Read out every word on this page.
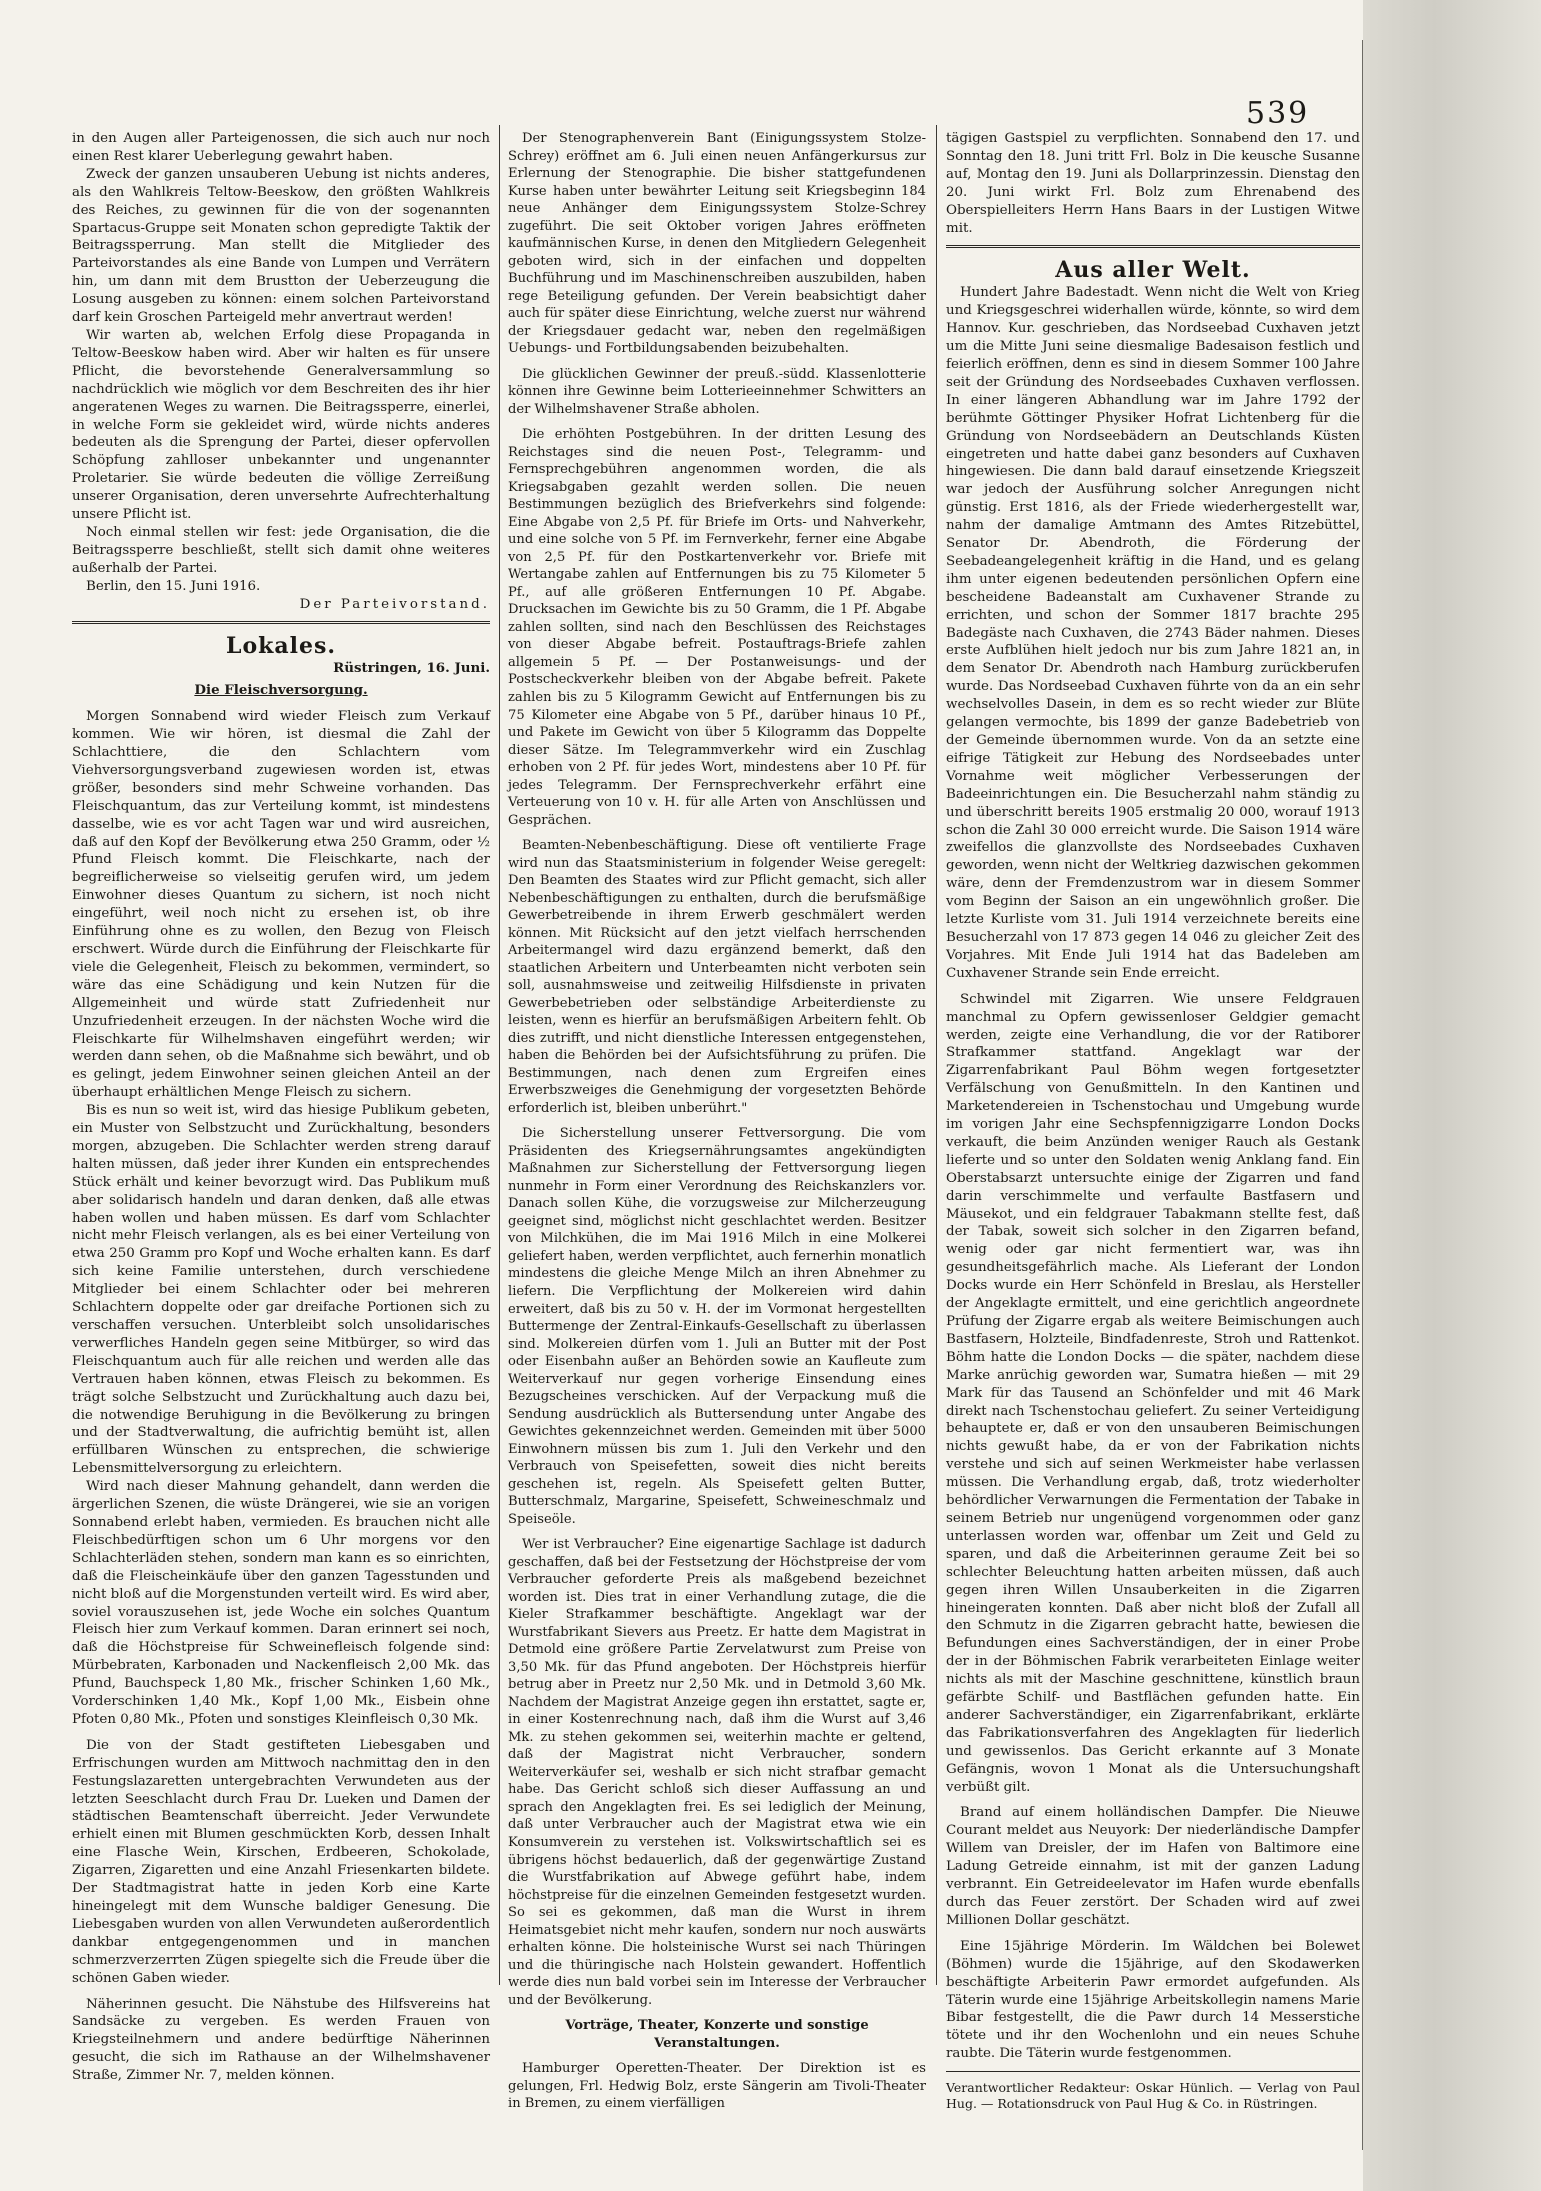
539

in den Augen aller Parteigenossen, die sich auch nur noch einen Rest klarer Ueberlegung gewahrt haben.

Zweck der ganzen unsauberen Uebung ist nichts anderes, als den Wahlkreis Teltow-Beeskow, den größten Wahlkreis des Reiches, zu gewinnen für die von der sogenannten Spartacus-Gruppe seit Monaten schon gepredigte Taktik der Beitragssperrung. Man stellt die Mitglieder des Parteivorstandes als eine Bande von Lumpen und Verrätern hin, um dann mit dem Brustton der Ueberzeugung die Losung ausgeben zu können: einem solchen Parteivorstand darf kein Groschen Parteigeld mehr anvertraut werden!

Wir warten ab, welchen Erfolg diese Propaganda in Teltow-Beeskow haben wird. Aber wir halten es für unsere Pflicht, die bevorstehende Generalversammlung so nachdrücklich wie möglich vor dem Beschreiten des ihr hier angeratenen Weges zu warnen. Die Beitragssperre, einerlei, in welche Form sie gekleidet wird, würde nichts anderes bedeuten als die Sprengung der Partei, dieser opfervollen Schöpfung zahlloser unbekannter und ungenannter Proletarier. Sie würde bedeuten die völlige Zerreißung unserer Organisation, deren unversehrte Aufrechterhaltung unsere Pflicht ist.

Noch einmal stellen wir fest: jede Organisation, die die Beitragssperre beschließt, stellt sich damit ohne weiteres außerhalb der Partei.

Berlin, den 15. Juni 1916.

Der Parteivorstand.

Lokales.

Rüstringen, 16. Juni.

Die Fleischversorgung.

Morgen Sonnabend wird wieder Fleisch zum Verkauf kommen. Wie wir hören, ist diesmal die Zahl der Schlachttiere, die den Schlachtern vom Viehversorgungsverband zugewiesen worden ist, etwas größer, besonders sind mehr Schweine vorhanden. Das Fleischquantum, das zur Verteilung kommt, ist mindestens dasselbe, wie es vor acht Tagen war und wird ausreichen, daß auf den Kopf der Bevölkerung etwa 250 Gramm, oder ½ Pfund Fleisch kommt. Die Fleischkarte, nach der begreiflicherweise so vielseitig gerufen wird, um jedem Einwohner dieses Quantum zu sichern, ist noch nicht eingeführt, weil noch nicht zu ersehen ist, ob ihre Einführung ohne es zu wollen, den Bezug von Fleisch erschwert. Würde durch die Einführung der Fleischkarte für viele die Gelegenheit, Fleisch zu bekommen, vermindert, so wäre das eine Schädigung und kein Nutzen für die Allgemeinheit und würde statt Zufriedenheit nur Unzufriedenheit erzeugen. In der nächsten Woche wird die Fleischkarte für Wilhelmshaven eingeführt werden; wir werden dann sehen, ob die Maßnahme sich bewährt, und ob es gelingt, jedem Einwohner seinen gleichen Anteil an der überhaupt erhältlichen Menge Fleisch zu sichern.

Bis es nun so weit ist, wird das hiesige Publikum gebeten, ein Muster von Selbstzucht und Zurückhaltung, besonders morgen, abzugeben. Die Schlachter werden streng darauf halten müssen, daß jeder ihrer Kunden ein entsprechendes Stück erhält und keiner bevorzugt wird. Das Publikum muß aber solidarisch handeln und daran denken, daß alle etwas haben wollen und haben müssen. Es darf vom Schlachter nicht mehr Fleisch verlangen, als es bei einer Verteilung von etwa 250 Gramm pro Kopf und Woche erhalten kann. Es darf sich keine Familie unterstehen, durch verschiedene Mitglieder bei einem Schlachter oder bei mehreren Schlachtern doppelte oder gar dreifache Portionen sich zu verschaffen versuchen. Unterbleibt solch unsolidarisches verwerfliches Handeln gegen seine Mitbürger, so wird das Fleischquantum auch für alle reichen und werden alle das Vertrauen haben können, etwas Fleisch zu bekommen. Es trägt solche Selbstzucht und Zurückhaltung auch dazu bei, die notwendige Beruhigung in die Bevölkerung zu bringen und der Stadtverwaltung, die aufrichtig bemüht ist, allen erfüllbaren Wünschen zu entsprechen, die schwierige Lebensmittelversorgung zu erleichtern.

Wird nach dieser Mahnung gehandelt, dann werden die ärgerlichen Szenen, die wüste Drängerei, wie sie an vorigen Sonnabend erlebt haben, vermieden. Es brauchen nicht alle Fleischbedürftigen schon um 6 Uhr morgens vor den Schlachterläden stehen, sondern man kann es so einrichten, daß die Fleischeinkäufe über den ganzen Tagesstunden und nicht bloß auf die Morgenstunden verteilt wird. Es wird aber, soviel vorauszusehen ist, jede Woche ein solches Quantum Fleisch hier zum Verkauf kommen. Daran erinnert sei noch, daß die Höchstpreise für Schweinefleisch folgende sind: Mürbebraten, Karbonaden und Nackenfleisch 2,00 Mk. das Pfund, Bauchspeck 1,80 Mk., frischer Schinken 1,60 Mk., Vorderschinken 1,40 Mk., Kopf 1,00 Mk., Eisbein ohne Pfoten 0,80 Mk., Pfoten und sonstiges Kleinfleisch 0,30 Mk.

Die von der Stadt gestifteten Liebesgaben und Erfrischungen wurden am Mittwoch nachmittag den in den Festungslazaretten untergebrachten Verwundeten aus der letzten Seeschlacht durch Frau Dr. Lueken und Damen der städtischen Beamtenschaft überreicht. Jeder Verwundete erhielt einen mit Blumen geschmückten Korb, dessen Inhalt eine Flasche Wein, Kirschen, Erdbeeren, Schokolade, Zigarren, Zigaretten und eine Anzahl Friesenkarten bildete. Der Stadtmagistrat hatte in jeden Korb eine Karte hineingelegt mit dem Wunsche baldiger Genesung. Die Liebesgaben wurden von allen Verwundeten außerordentlich dankbar entgegengenommen und in manchen schmerzverzerrten Zügen spiegelte sich die Freude über die schönen Gaben wieder.

Näherinnen gesucht. Die Nähstube des Hilfsvereins hat Sandsäcke zu vergeben. Es werden Frauen von Kriegsteilnehmern und andere bedürftige Näherinnen gesucht, die sich im Rathause an der Wilhelmshavener Straße, Zimmer Nr. 7, melden können.

Der Stenographenverein Bant (Einigungssystem Stolze-Schrey) eröffnet am 6. Juli einen neuen Anfängerkursus zur Erlernung der Stenographie. Die bisher stattgefundenen Kurse haben unter bewährter Leitung seit Kriegsbeginn 184 neue Anhänger dem Einigungssystem Stolze-Schrey zugeführt. Die seit Oktober vorigen Jahres eröffneten kaufmännischen Kurse, in denen den Mitgliedern Gelegenheit geboten wird, sich in der einfachen und doppelten Buchführung und im Maschinenschreiben auszubilden, haben rege Beteiligung gefunden. Der Verein beabsichtigt daher auch für später diese Einrichtung, welche zuerst nur während der Kriegsdauer gedacht war, neben den regelmäßigen Uebungs- und Fortbildungsabenden beizubehalten.

Die glücklichen Gewinner der preuß.-südd. Klassenlotterie können ihre Gewinne beim Lotterieeinnehmer Schwitters an der Wilhelmshavener Straße abholen.

Die erhöhten Postgebühren. In der dritten Lesung des Reichstages sind die neuen Post-, Telegramm- und Fernsprechgebühren angenommen worden, die als Kriegsabgaben gezahlt werden sollen. Die neuen Bestimmungen bezüglich des Briefverkehrs sind folgende: Eine Abgabe von 2,5 Pf. für Briefe im Orts- und Nahverkehr, und eine solche von 5 Pf. im Fernverkehr, ferner eine Abgabe von 2,5 Pf. für den Postkartenverkehr vor. Briefe mit Wertangabe zahlen auf Entfernungen bis zu 75 Kilometer 5 Pf., auf alle größeren Entfernungen 10 Pf. Abgabe. Drucksachen im Gewichte bis zu 50 Gramm, die 1 Pf. Abgabe zahlen sollten, sind nach den Beschlüssen des Reichstages von dieser Abgabe befreit. Postauftrags-Briefe zahlen allgemein 5 Pf. — Der Postanweisungs- und der Postscheckverkehr bleiben von der Abgabe befreit. Pakete zahlen bis zu 5 Kilogramm Gewicht auf Entfernungen bis zu 75 Kilometer eine Abgabe von 5 Pf., darüber hinaus 10 Pf., und Pakete im Gewicht von über 5 Kilogramm das Doppelte dieser Sätze. Im Telegrammverkehr wird ein Zuschlag erhoben von 2 Pf. für jedes Wort, mindestens aber 10 Pf. für jedes Telegramm. Der Fernsprechverkehr erfährt eine Verteuerung von 10 v. H. für alle Arten von Anschlüssen und Gesprächen.

Beamten-Nebenbeschäftigung. Diese oft ventilierte Frage wird nun das Staatsministerium in folgender Weise geregelt: Den Beamten des Staates wird zur Pflicht gemacht, sich aller Nebenbeschäftigungen zu enthalten, durch die berufsmäßige Gewerbetreibende in ihrem Erwerb geschmälert werden können. Mit Rücksicht auf den jetzt vielfach herrschenden Arbeitermangel wird dazu ergänzend bemerkt, daß den staatlichen Arbeitern und Unterbeamten nicht verboten sein soll, ausnahmsweise und zeitweilig Hilfsdienste in privaten Gewerbebetrieben oder selbständige Arbeiterdienste zu leisten, wenn es hierfür an berufsmäßigen Arbeitern fehlt. Ob dies zutrifft, und nicht dienstliche Interessen entgegenstehen, haben die Behörden bei der Aufsichtsführung zu prüfen. Die Bestimmungen, nach denen zum Ergreifen eines Erwerbszweiges die Genehmigung der vorgesetzten Behörde erforderlich ist, bleiben unberührt."

Die Sicherstellung unserer Fettversorgung. Die vom Präsidenten des Kriegsernährungsamtes angekündigten Maßnahmen zur Sicherstellung der Fettversorgung liegen nunmehr in Form einer Verordnung des Reichskanzlers vor. Danach sollen Kühe, die vorzugsweise zur Milcherzeugung geeignet sind, möglichst nicht geschlachtet werden. Besitzer von Milchkühen, die im Mai 1916 Milch in eine Molkerei geliefert haben, werden verpflichtet, auch fernerhin monatlich mindestens die gleiche Menge Milch an ihren Abnehmer zu liefern. Die Verpflichtung der Molkereien wird dahin erweitert, daß bis zu 50 v. H. der im Vormonat hergestellten Buttermenge der Zentral-Einkaufs-Gesellschaft zu überlassen sind. Molkereien dürfen vom 1. Juli an Butter mit der Post oder Eisenbahn außer an Behörden sowie an Kaufleute zum Weiterverkauf nur gegen vorherige Einsendung eines Bezugscheines verschicken. Auf der Verpackung muß die Sendung ausdrücklich als Buttersendung unter Angabe des Gewichtes gekennzeichnet werden. Gemeinden mit über 5000 Einwohnern müssen bis zum 1. Juli den Verkehr und den Verbrauch von Speisefetten, soweit dies nicht bereits geschehen ist, regeln. Als Speisefett gelten Butter, Butterschmalz, Margarine, Speisefett, Schweineschmalz und Speiseöle.

Wer ist Verbraucher? Eine eigenartige Sachlage ist dadurch geschaffen, daß bei der Festsetzung der Höchstpreise der vom Verbraucher geforderte Preis als maßgebend bezeichnet worden ist. Dies trat in einer Verhandlung zutage, die die Kieler Strafkammer beschäftigte. Angeklagt war der Wurstfabrikant Sievers aus Preetz. Er hatte dem Magistrat in Detmold eine größere Partie Zervelatwurst zum Preise von 3,50 Mk. für das Pfund angeboten. Der Höchstpreis hierfür betrug aber in Preetz nur 2,50 Mk. und in Detmold 3,60 Mk. Nachdem der Magistrat Anzeige gegen ihn erstattet, sagte er, in einer Kostenrechnung nach, daß ihm die Wurst auf 3,46 Mk. zu stehen gekommen sei, weiterhin machte er geltend, daß der Magistrat nicht Verbraucher, sondern Weiterverkäufer sei, weshalb er sich nicht strafbar gemacht habe. Das Gericht schloß sich dieser Auffassung an und sprach den Angeklagten frei. Es sei lediglich der Meinung, daß unter Verbraucher auch der Magistrat etwa wie ein Konsumverein zu verstehen ist. Volkswirtschaftlich sei es übrigens höchst bedauerlich, daß der gegenwärtige Zustand die Wurstfabrikation auf Abwege geführt habe, indem höchstpreise für die einzelnen Gemeinden festgesetzt wurden. So sei es gekommen, daß man die Wurst in ihrem Heimatsgebiet nicht mehr kaufen, sondern nur noch auswärts erhalten könne. Die holsteinische Wurst sei nach Thüringen und die thüringische nach Holstein gewandert. Hoffentlich werde dies nun bald vorbei sein im Interesse der Verbraucher und der Bevölkerung.

Vorträge, Theater, Konzerte und sonstige Veranstaltungen.

Hamburger Operetten-Theater. Der Direktion ist es gelungen, Frl. Hedwig Bolz, erste Sängerin am Tivoli-Theater in Bremen, zu einem vierfälligen

tägigen Gastspiel zu verpflichten. Sonnabend den 17. und Sonntag den 18. Juni tritt Frl. Bolz in Die keusche Susanne auf, Montag den 19. Juni als Dollarprinzessin. Dienstag den 20. Juni wirkt Frl. Bolz zum Ehrenabend des Oberspielleiters Herrn Hans Baars in der Lustigen Witwe mit.

Aus aller Welt.

Hundert Jahre Badestadt. Wenn nicht die Welt von Krieg und Kriegsgeschrei widerhallen würde, könnte, so wird dem Hannov. Kur. geschrieben, das Nordseebad Cuxhaven jetzt um die Mitte Juni seine diesmalige Badesaison festlich und feierlich eröffnen, denn es sind in diesem Sommer 100 Jahre seit der Gründung des Nordseebades Cuxhaven verflossen. In einer längeren Abhandlung war im Jahre 1792 der berühmte Göttinger Physiker Hofrat Lichtenberg für die Gründung von Nordseebädern an Deutschlands Küsten eingetreten und hatte dabei ganz besonders auf Cuxhaven hingewiesen. Die dann bald darauf einsetzende Kriegszeit war jedoch der Ausführung solcher Anregungen nicht günstig. Erst 1816, als der Friede wiederhergestellt war, nahm der damalige Amtmann des Amtes Ritzebüttel, Senator Dr. Abendroth, die Förderung der Seebadeangelegenheit kräftig in die Hand, und es gelang ihm unter eigenen bedeutenden persönlichen Opfern eine bescheidene Badeanstalt am Cuxhavener Strande zu errichten, und schon der Sommer 1817 brachte 295 Badegäste nach Cuxhaven, die 2743 Bäder nahmen. Dieses erste Aufblühen hielt jedoch nur bis zum Jahre 1821 an, in dem Senator Dr. Abendroth nach Hamburg zurückberufen wurde. Das Nordseebad Cuxhaven führte von da an ein sehr wechselvolles Dasein, in dem es so recht wieder zur Blüte gelangen vermochte, bis 1899 der ganze Badebetrieb von der Gemeinde übernommen wurde. Von da an setzte eine eifrige Tätigkeit zur Hebung des Nordseebades unter Vornahme weit möglicher Verbesserungen der Badeeinrichtungen ein. Die Besucherzahl nahm ständig zu und überschritt bereits 1905 erstmalig 20 000, worauf 1913 schon die Zahl 30 000 erreicht wurde. Die Saison 1914 wäre zweifellos die glanzvollste des Nordseebades Cuxhaven geworden, wenn nicht der Weltkrieg dazwischen gekommen wäre, denn der Fremdenzustrom war in diesem Sommer vom Beginn der Saison an ein ungewöhnlich großer. Die letzte Kurliste vom 31. Juli 1914 verzeichnete bereits eine Besucherzahl von 17 873 gegen 14 046 zu gleicher Zeit des Vorjahres. Mit Ende Juli 1914 hat das Badeleben am Cuxhavener Strande sein Ende erreicht.

Schwindel mit Zigarren. Wie unsere Feldgrauen manchmal zu Opfern gewissenloser Geldgier gemacht werden, zeigte eine Verhandlung, die vor der Ratiborer Strafkammer stattfand. Angeklagt war der Zigarrenfabrikant Paul Böhm wegen fortgesetzter Verfälschung von Genußmitteln. In den Kantinen und Marketendereien in Tschenstochau und Umgebung wurde im vorigen Jahr eine Sechspfennigzigarre London Docks verkauft, die beim Anzünden weniger Rauch als Gestank lieferte und so unter den Soldaten wenig Anklang fand. Ein Oberstabsarzt untersuchte einige der Zigarren und fand darin verschimmelte und verfaulte Bastfasern und Mäusekot, und ein feldgrauer Tabakmann stellte fest, daß der Tabak, soweit sich solcher in den Zigarren befand, wenig oder gar nicht fermentiert war, was ihn gesundheitsgefährlich mache. Als Lieferant der London Docks wurde ein Herr Schönfeld in Breslau, als Hersteller der Angeklagte ermittelt, und eine gerichtlich angeordnete Prüfung der Zigarre ergab als weitere Beimischungen auch Bastfasern, Holzteile, Bindfadenreste, Stroh und Rattenkot. Böhm hatte die London Docks — die später, nachdem diese Marke anrüchig geworden war, Sumatra hießen — mit 29 Mark für das Tausend an Schönfelder und mit 46 Mark direkt nach Tschenstochau geliefert. Zu seiner Verteidigung behauptete er, daß er von den unsauberen Beimischungen nichts gewußt habe, da er von der Fabrikation nichts verstehe und sich auf seinen Werkmeister habe verlassen müssen. Die Verhandlung ergab, daß, trotz wiederholter behördlicher Verwarnungen die Fermentation der Tabake in seinem Betrieb nur ungenügend vorgenommen oder ganz unterlassen worden war, offenbar um Zeit und Geld zu sparen, und daß die Arbeiterinnen geraume Zeit bei so schlechter Beleuchtung hatten arbeiten müssen, daß auch gegen ihren Willen Unsauberkeiten in die Zigarren hineingeraten konnten. Daß aber nicht bloß der Zufall all den Schmutz in die Zigarren gebracht hatte, bewiesen die Befundungen eines Sachverständigen, der in einer Probe der in der Böhmischen Fabrik verarbeiteten Einlage weiter nichts als mit der Maschine geschnittene, künstlich braun gefärbte Schilf- und Bastflächen gefunden hatte. Ein anderer Sachverständiger, ein Zigarrenfabrikant, erklärte das Fabrikationsverfahren des Angeklagten für liederlich und gewissenlos. Das Gericht erkannte auf 3 Monate Gefängnis, wovon 1 Monat als die Untersuchungshaft verbüßt gilt.

Brand auf einem holländischen Dampfer. Die Nieuwe Courant meldet aus Neuyork: Der niederländische Dampfer Willem van Dreisler, der im Hafen von Baltimore eine Ladung Getreide einnahm, ist mit der ganzen Ladung verbrannt. Ein Getreideelevator im Hafen wurde ebenfalls durch das Feuer zerstört. Der Schaden wird auf zwei Millionen Dollar geschätzt.

Eine 15jährige Mörderin. Im Wäldchen bei Bolewet (Böhmen) wurde die 15jährige, auf den Skodawerken beschäftigte Arbeiterin Pawr ermordet aufgefunden. Als Täterin wurde eine 15jährige Arbeitskollegin namens Marie Bibar festgestellt, die die Pawr durch 14 Messerstiche tötete und ihr den Wochenlohn und ein neues Schuhe raubte. Die Täterin wurde festgenommen.

Verantwortlicher Redakteur: Oskar Hünlich. — Verlag von Paul Hug. — Rotationsdruck von Paul Hug & Co. in Rüstringen.
